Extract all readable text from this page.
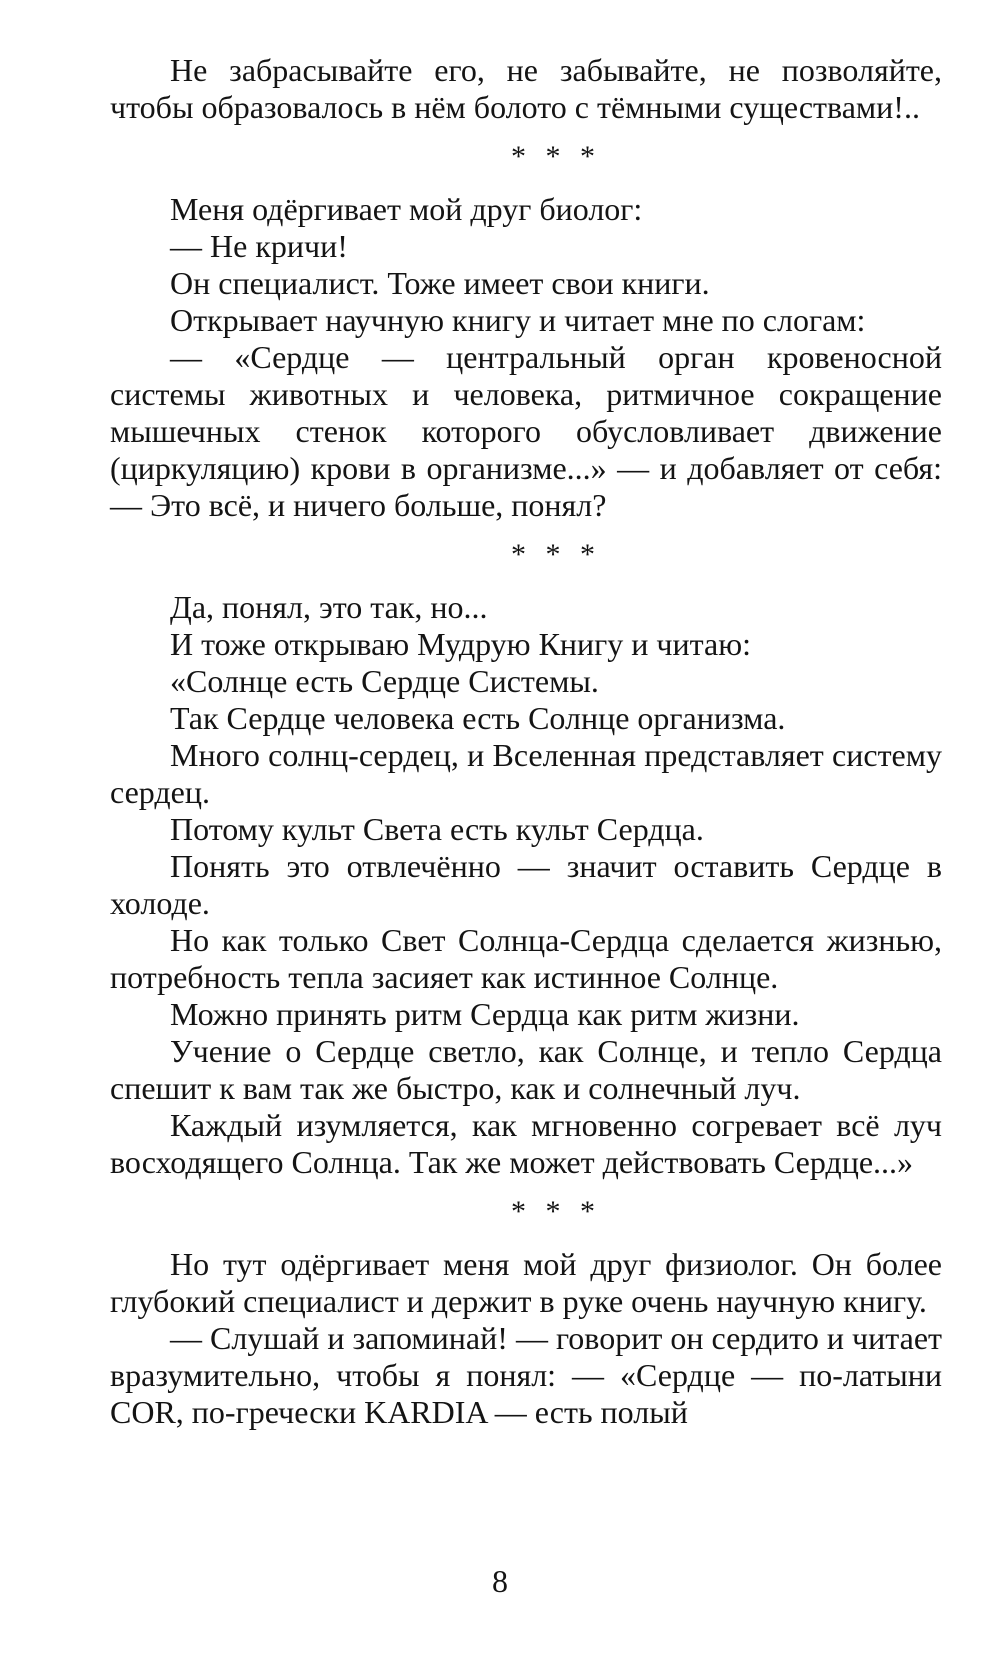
Не забрасывайте его, не забывайте, не позволяйте, чтобы образовалось в нём болото с тёмными существами!..

* * *

Меня одёргивает мой друг биолог:

— Не кричи!

Он специалист. Тоже имеет свои книги.

Открывает научную книгу и читает мне по слогам:

— «Сердце — центральный орган кровеносной системы животных и человека, ритмичное сокращение мышечных стенок которого обусловливает движение (циркуляцию) крови в организме...» — и добавляет от себя: — Это всё, и ничего больше, понял?

* * *

Да, понял, это так, но...

И тоже открываю Мудрую Книгу и читаю:

«Солнце есть Сердце Системы.

Так Сердце человека есть Солнце организма.

Много солнц-сердец, и Вселенная представляет систему сердец.

Потому культ Света есть культ Сердца.

Понять это отвлечённо — значит оставить Сердце в холоде.

Но как только Свет Солнца-Сердца сделается жизнью, потребность тепла засияет как истинное Солнце.

Можно принять ритм Сердца как ритм жизни.

Учение о Сердце светло, как Солнце, и тепло Сердца спешит к вам так же быстро, как и солнечный луч.

Каждый изумляется, как мгновенно согревает всё луч восходящего Солнца. Так же может действовать Сердце...»

* * *

Но тут одёргивает меня мой друг физиолог. Он более глубокий специалист и держит в руке очень научную книгу.

— Слушай и запоминай! — говорит он сердито и читает вразумительно, чтобы я понял: — «Сердце — по-латыни COR, по-гречески KARDIA — есть полый

8
